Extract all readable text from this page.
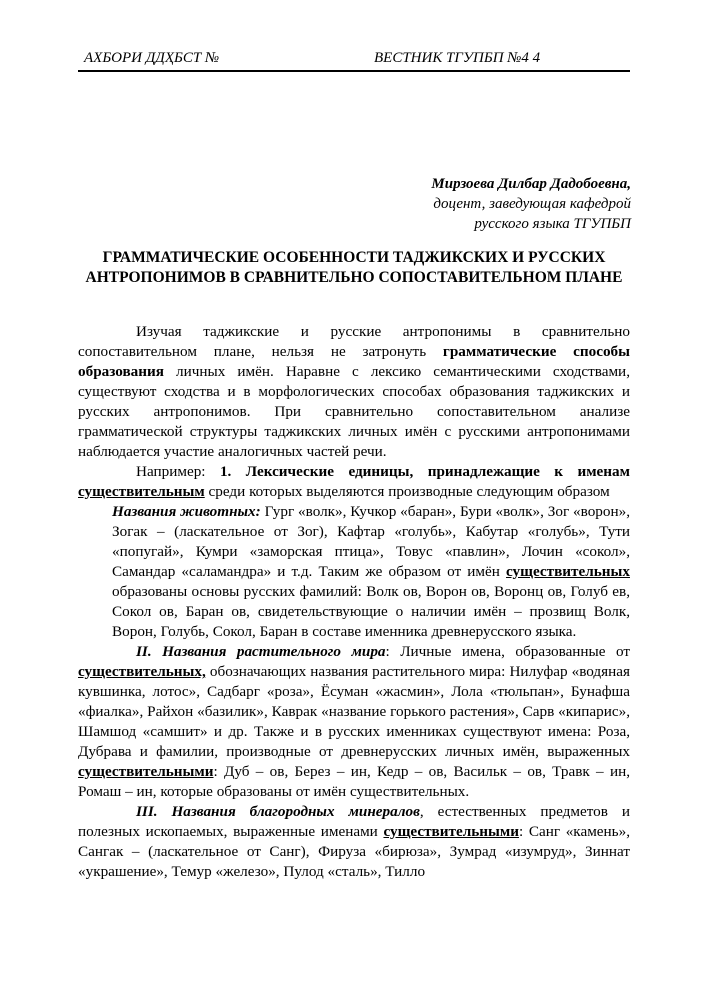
АХБОРИ ДДҲБСТ №	ВЕСТНИК ТГУПБП №4 4
Мирзоева Дилбар Дадобоевна,
доцент, заведующая кафедрой
русского языка ТГУПБП
ГРАММАТИЧЕСКИЕ ОСОБЕННОСТИ ТАДЖИКСКИХ И РУССКИХ АНТРОПОНИМОВ В СРАВНИТЕЛЬНО СОПОСТАВИТЕЛЬНОМ ПЛАНЕ

Изучая таджикские и русские антропонимы в сравнительно сопоставительном плане, нельзя не затронуть грамматические способы образования личных имён. Наравне с лексико семантическими сходствами, существуют сходства и в морфологических способах образования таджикских и русских антропонимов. При сравнительно сопоставительном анализе грамматической структуры таджикских личных имён с русскими антропонимами наблюдается участие аналогичных частей речи.

Например: 1. Лексические единицы, принадлежащие к именам существительным среди которых выделяются производные следующим образом

Названия животных: Гург «волк», Кучкор «баран», Бури «волк», Зог «ворон», Зогак – (ласкательное от Зог), Кафтар «голубь», Кабутар «голубь», Тути «попугай», Кумри «заморская птица», Товус «павлин», Лочин «сокол», Самандар «саламандра» и т.д. Таким же образом от имён существительных образованы основы русских фамилий: Волк ов, Ворон ов, Воронц ов, Голуб ев, Сокол ов, Баран ов, свидетельствующие о наличии имён – прозвищ Волк, Ворон, Голубь, Сокол, Баран в составе именника древнерусского языка.

II. Названия растительного мира: Личные имена, образованные от существительных, обозначающих названия растительного мира: Нилуфар «водяная кувшинка, лотос», Садбарг «роза», Ёсуман «жасмин», Лола «тюльпан», Бунафша «фиалка», Райхон «базилик», Каврак «название горького растения», Сарв «кипарис», Шамшод «самшит» и др. Также и в русских именниках существуют имена: Роза, Дубрава и фамилии, производные от древнерусских личных имён, выраженных существительными: Дуб – ов, Берез – ин, Кедр – ов, Васильк – ов, Травк – ин, Ромаш – ин, которые образованы от имён существительных.

III. Названия благородных минералов, естественных предметов и полезных ископаемых, выраженные именами существительными: Санг «камень», Сангак – (ласкательное от Санг), Фируза «бирюза», Зумрад «изумруд», Зиннат «украшение», Темур «железо», Пулод «сталь», Тилло
